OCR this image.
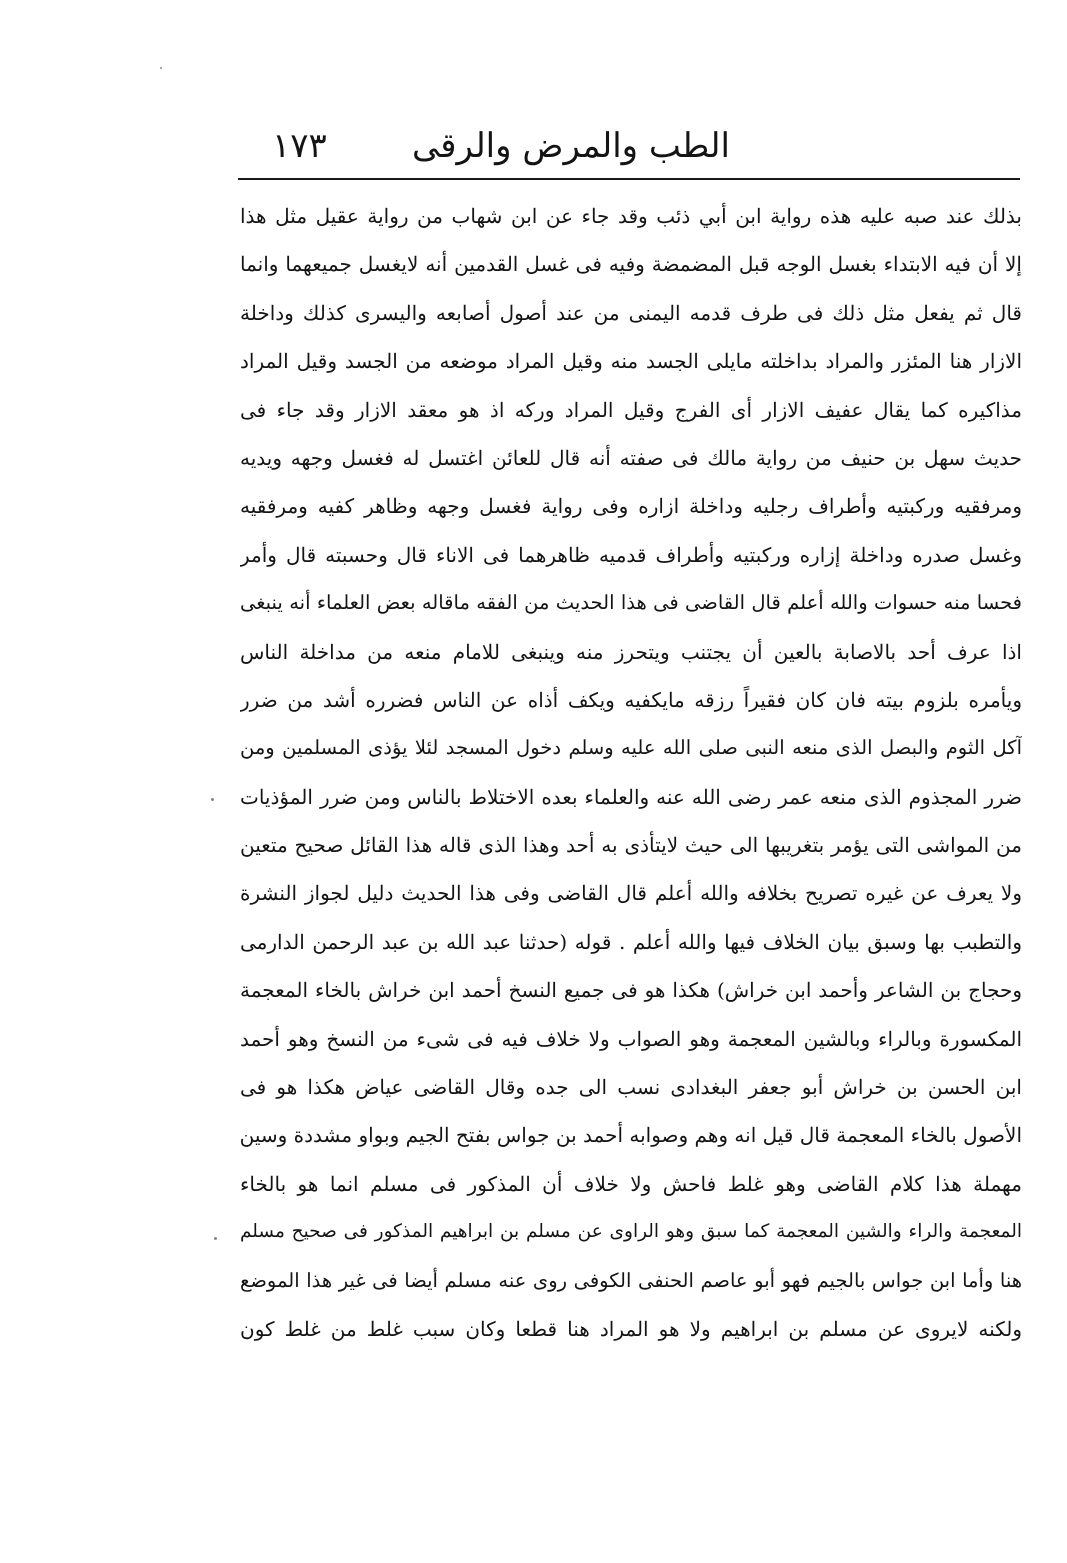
الطب والمرض والرقى
١٧٣
بذلك عند صبه عليه هذه رواية ابن أبي ذئب وقد جاء عن ابن شهاب من رواية عقيل مثل هذا
إلا أن فيه الابتداء بغسل الوجه قبل المضمضة وفيه فى غسل القدمين أنه لايغسل جميعهما وانما
قال ثم يفعل مثل ذلك فى طرف قدمه اليمنى من عند أصول أصابعه واليسرى كذلك وداخلة
الازار هنا المئزر والمراد بداخلته مايلى الجسد منه وقيل المراد موضعه من الجسد وقيل المراد
مذاكيره كما يقال عفيف الازار أى الفرج وقيل المراد وركه اذ هو معقد الازار وقد جاء فى
حديث سهل بن حنيف من رواية مالك فى صفته أنه قال للعائن اغتسل له فغسل وجهه ويديه
ومرفقيه وركبتيه وأطراف رجليه وداخلة ازاره وفى رواية فغسل وجهه وظاهر كفيه ومرفقيه
وغسل صدره وداخلة إزاره وركبتيه وأطراف قدميه ظاهرهما فى الاناء قال وحسبته قال وأمر
فحسا منه حسوات والله أعلم قال القاضى فى هذا الحديث من الفقه ماقاله بعض العلماء أنه ينبغى
اذا عرف أحد بالاصابة بالعين أن يجتنب ويتحرز منه وينبغى للامام منعه من مداخلة الناس
ويأمره بلزوم بيته فان كان فقيراً رزقه مايكفيه ويكف أذاه عن الناس فضرره أشد من ضرر
آكل الثوم والبصل الذى منعه النبى صلى الله عليه وسلم دخول المسجد لئلا يؤذى المسلمين ومن
ضرر المجذوم الذى منعه عمر رضى الله عنه والعلماء بعده الاختلاط بالناس ومن ضرر المؤذيات
من المواشى التى يؤمر بتغريبها الى حيث لايتأذى به أحد وهذا الذى قاله هذا القائل صحيح متعين
ولا يعرف عن غيره تصريح بخلافه والله أعلم قال القاضى وفى هذا الحديث دليل لجواز النشرة
والتطبب بها وسبق بيان الخلاف فيها والله أعلم . قوله (حدثنا عبد الله بن عبد الرحمن الدارمى
وحجاج بن الشاعر وأحمد ابن خراش) هكذا هو فى جميع النسخ أحمد ابن خراش بالخاء المعجمة
المكسورة وبالراء وبالشين المعجمة وهو الصواب ولا خلاف فيه فى شىء من النسخ وهو أحمد
ابن الحسن بن خراش أبو جعفر البغدادى نسب الى جده وقال القاضى عياض هكذا هو فى
الأصول بالخاء المعجمة قال قيل انه وهم وصوابه أحمد بن جواس بفتح الجيم وبواو مشددة وسين
مهملة هذا كلام القاضى وهو غلط فاحش ولا خلاف أن المذكور فى مسلم انما هو بالخاء
المعجمة والراء والشين المعجمة كما سبق وهو الراوى عن مسلم بن ابراهيم المذكور فى صحيح مسلم
هنا وأما ابن جواس بالجيم فهو أبو عاصم الحنفى الكوفى روى عنه مسلم أيضا فى غير هذا الموضع
ولكنه لايروى عن مسلم بن ابراهيم ولا هو المراد هنا قطعا وكان سبب غلط من غلط كون
